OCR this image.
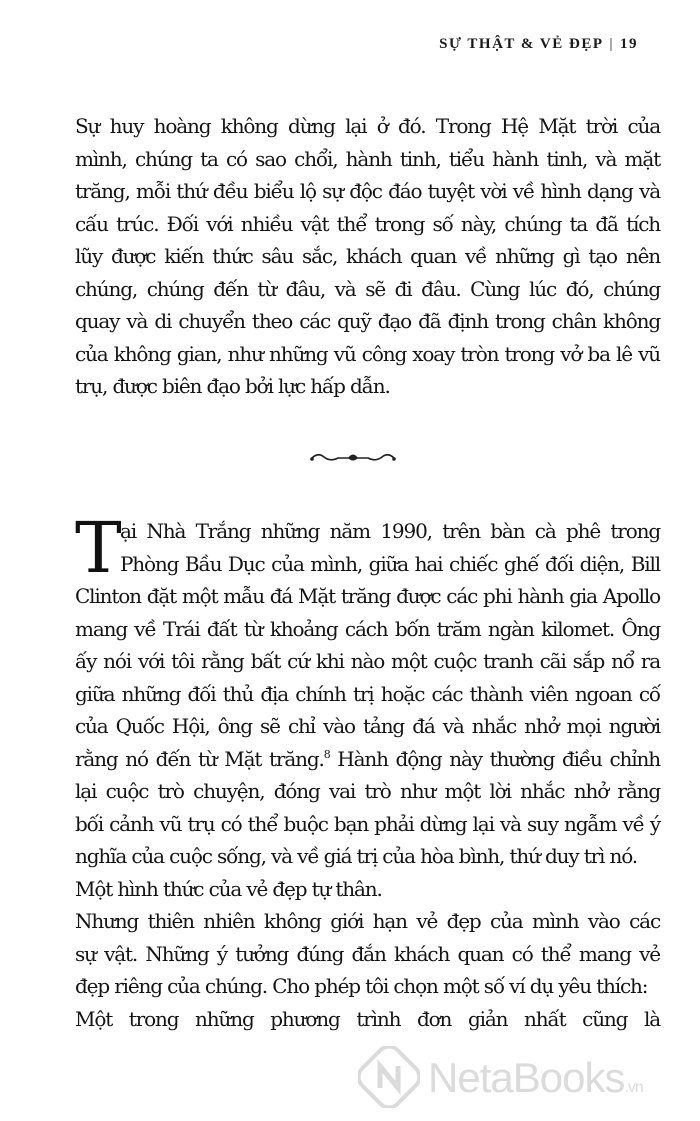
SỰ THẬT & VẺ ĐẸP | 19
Sự huy hoàng không dừng lại ở đó. Trong Hệ Mặt trời của
mình, chúng ta có sao chổi, hành tinh, tiểu hành tinh, và mặt
trăng, mỗi thứ đều biểu lộ sự độc đáo tuyệt vời về hình dạng và
cấu trúc. Đối với nhiều vật thể trong số này, chúng ta đã tích
lũy được kiến thức sâu sắc, khách quan về những gì tạo nên
chúng, chúng đến từ đâu, và sẽ đi đâu. Cùng lúc đó, chúng
quay và di chuyển theo các quỹ đạo đã định trong chân không
của không gian, như những vũ công xoay tròn trong vở ba lê vũ
trụ, được biên đạo bởi lực hấp dẫn.
T
ại Nhà Trắng những năm 1990, trên bàn cà phê trong
Phòng Bầu Dục của mình, giữa hai chiếc ghế đối diện, Bill
Clinton đặt một mẫu đá Mặt trăng được các phi hành gia Apollo
mang về Trái đất từ khoảng cách bốn trăm ngàn kilomet. Ông
ấy nói với tôi rằng bất cứ khi nào một cuộc tranh cãi sắp nổ ra
giữa những đối thủ địa chính trị hoặc các thành viên ngoan cố
của Quốc Hội, ông sẽ chỉ vào tảng đá và nhắc nhở mọi người
rằng nó đến từ Mặt trăng.$^8$ Hành động này thường điều chỉnh
lại cuộc trò chuyện, đóng vai trò như một lời nhắc nhở rằng
bối cảnh vũ trụ có thể buộc bạn phải dừng lại và suy ngẫm về ý
nghĩa của cuộc sống, và về giá trị của hòa bình, thứ duy trì nó.
Một hình thức của vẻ đẹp tự thân.
Nhưng thiên nhiên không giới hạn vẻ đẹp của mình vào các
sự vật. Những ý tưởng đúng đắn khách quan có thể mang vẻ
đẹp riêng của chúng. Cho phép tôi chọn một số ví dụ yêu thích:
Một trong những phương trình đơn giản nhất cũng là
NetaBooks.vn
